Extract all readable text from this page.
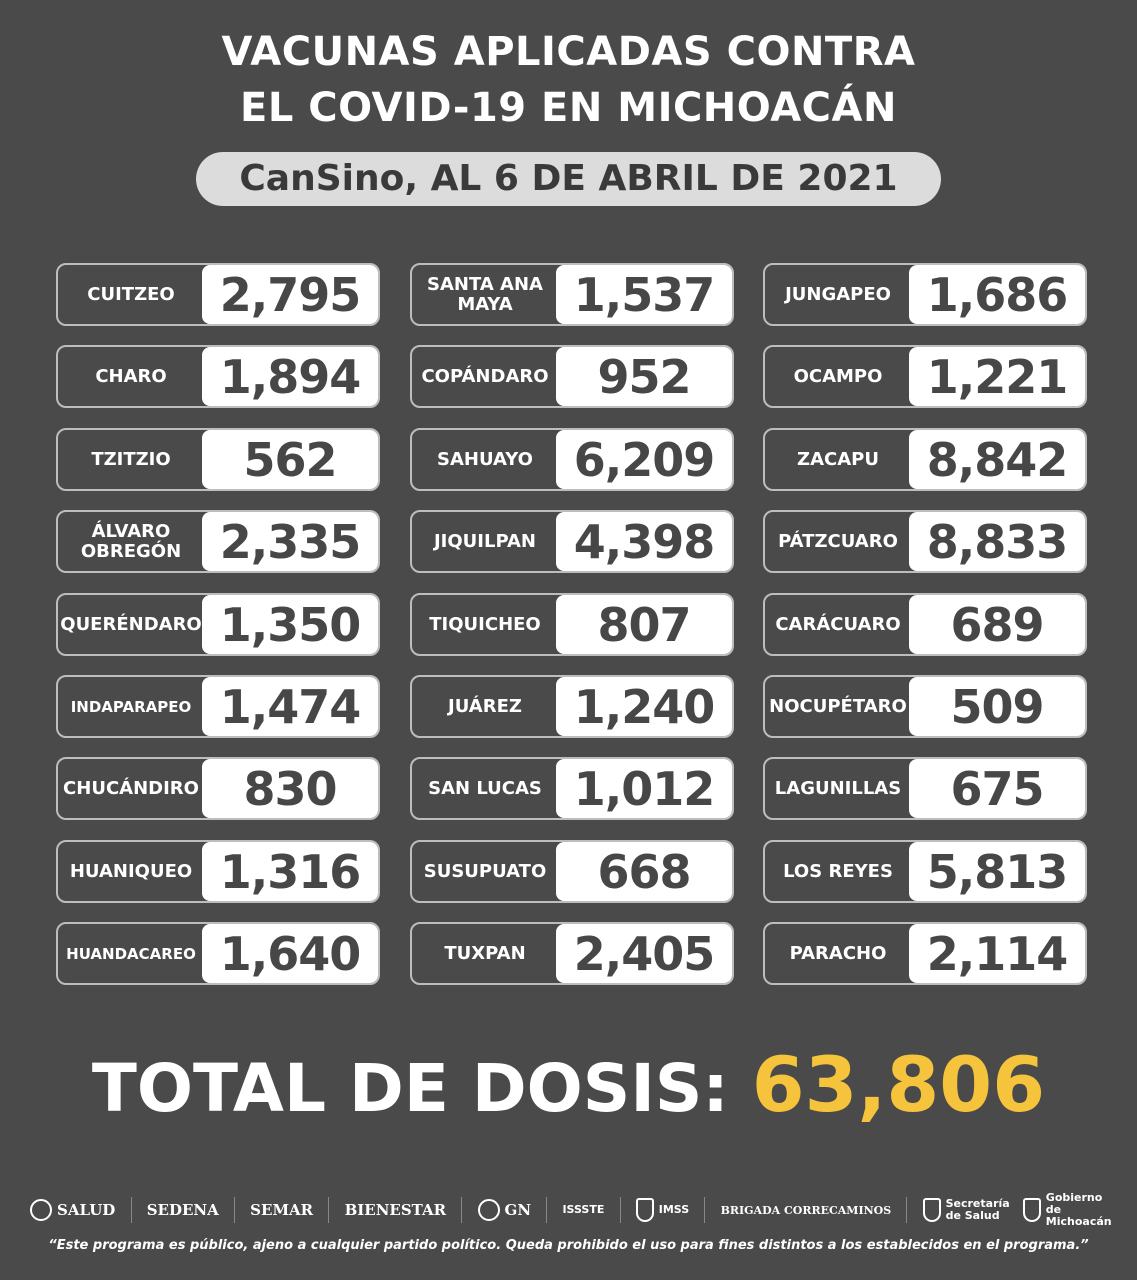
VACUNAS APLICADAS CONTRA
EL COVID-19 EN MICHOACÁN
CanSino, AL 6 DE ABRIL DE 2021
CUITZEO 2,795
CHARO	1,894
TZITZIO	562
ÁLVARO OBREGÓN 2,335
QUERÉNDARO 1,350
INDAPARAPEO 1,474
CHUCÁNDIRO 830
HUANIQUEO 1,316
HUANDACAREO 1,640
SANTA ANA MAYA	1,537
COPÁNDARO	952
SAHUAYO 6,209
JIQUILPAN 4,398
TIQUICHEO	807
JUÁREZ	1,240
SAN LUCAS 1,012
SUSUPUATO	668
TUXPAN	2,405
JUNGAPEO 1,686
OCAMPO 1,221
ZACAPU	8,842
PÁTZCUARO 8,833
CARÁCUARO	689
NOCUPÉTARO 509
LAGUNILLAS	675
LOS REYES 5,813
PARACHO 2,114
TOTAL DE DOSIS: 63,806
SALUD SEDENA SEMAR BIENESTAR	GN	ISSSTE	IMSS	BRIGADA CORRECAMINOS	Secretaría de Salud
Gobierno de Michoacán
“Este programa es público, ajeno a cualquier partido político. Queda prohibido el uso para fines distintos a los establecidos en el programa.”
